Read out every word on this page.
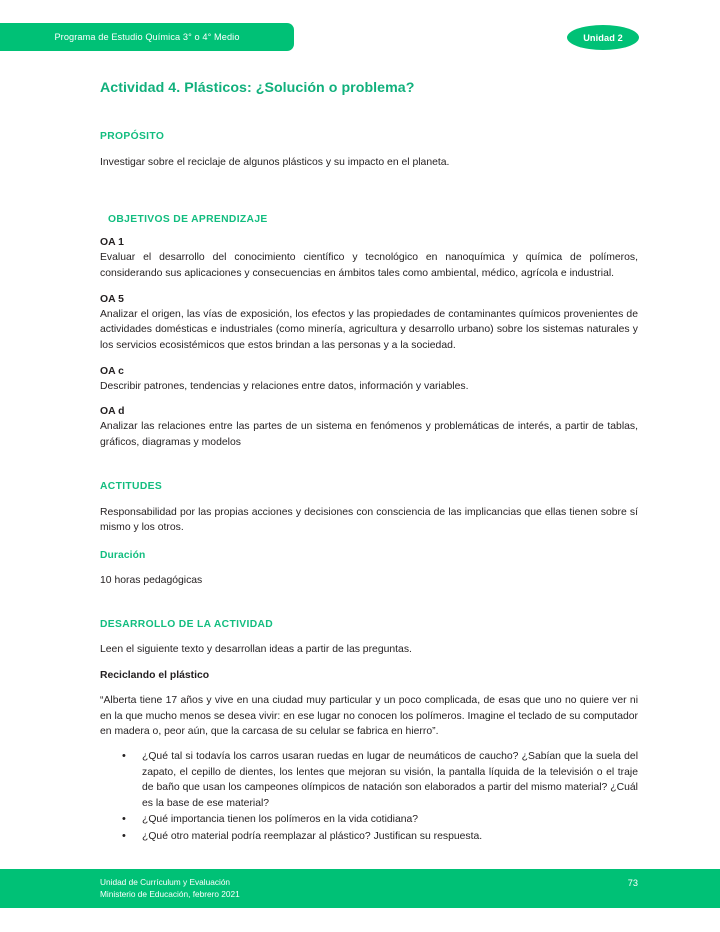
Programa de Estudio Química 3° o 4° Medio	Unidad 2
Actividad 4. Plásticos: ¿Solución o problema?
PROPÓSITO

Investigar sobre el reciclaje de algunos plásticos y su impacto en el planeta.

OBJETIVOS DE APRENDIZAJE
OA 1

Evaluar el desarrollo del conocimiento científico y tecnológico en nanoquímica y química de polímeros, considerando sus aplicaciones y consecuencias en ámbitos tales como ambiental, médico, agrícola e industrial.

OA 5

Analizar el origen, las vías de exposición, los efectos y las propiedades de contaminantes químicos provenientes de actividades domésticas e industriales (como minería, agricultura y desarrollo urbano) sobre los sistemas naturales y los servicios ecosistémicos que estos brindan a las personas y a la sociedad.

OA c

Describir patrones, tendencias y relaciones entre datos, información y variables.

OA d

Analizar las relaciones entre las partes de un sistema en fenómenos y problemáticas de interés, a partir de tablas, gráficos, diagramas y modelos

ACTITUDES

Responsabilidad por las propias acciones y decisiones con consciencia de las implicancias que ellas tienen sobre sí mismo y los otros.

Duración

10 horas pedagógicas

DESARROLLO DE LA ACTIVIDAD

Leen el siguiente texto y desarrollan ideas a partir de las preguntas.

Reciclando el plástico

“Alberta tiene 17 años y vive en una ciudad muy particular y un poco complicada, de esas que uno no quiere ver ni en la que mucho menos se desea vivir: en ese lugar no conocen los polímeros. Imagine el teclado de su computador en madera o, peor aún, que la carcasa de su celular se fabrica en hierro”.

• ¿Qué tal si todavía los carros usaran ruedas en lugar de neumáticos de caucho? ¿Sabían que la suela del zapato, el cepillo de dientes, los lentes que mejoran su visión, la pantalla líquida de la televisión o el traje de baño que usan los campeones olímpicos de natación son elaborados a partir del mismo material? ¿Cuál es la base de ese material?
• ¿Qué importancia tienen los polímeros en la vida cotidiana?
• ¿Qué otro material podría reemplazar al plástico? Justifican su respuesta.
Unidad de Currículum y Evaluación
Ministerio de Educación, febrero 2021
73
